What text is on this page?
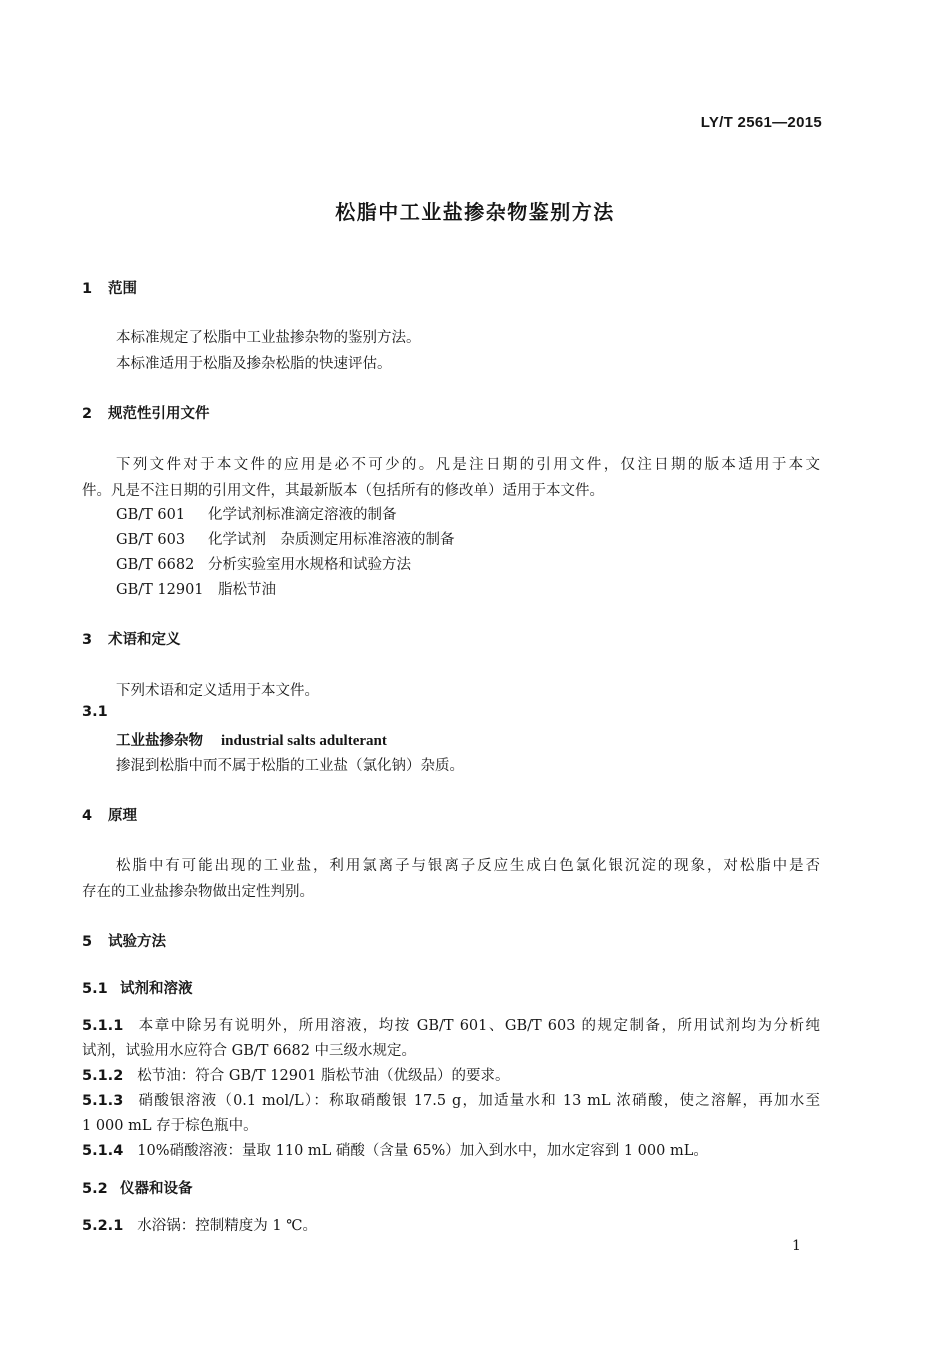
LY/T 2561—2015
松脂中工业盐掺杂物鉴别方法
1 范围
本标准规定了松脂中工业盐掺杂物的鉴别方法。
本标准适用于松脂及掺杂松脂的快速评估。
2 规范性引用文件
下列文件对于本文件的应用是必不可少的。凡是注日期的引用文件，仅注日期的版本适用于本文
件。凡是不注日期的引用文件，其最新版本（包括所有的修改单）适用于本文件。
GB/T 601 化学试剂标准滴定溶液的制备
GB/T 603 化学试剂　杂质测定用标准溶液的制备
GB/T 6682 分析实验室用水规格和试验方法
GB/T 12901 脂松节油
3 术语和定义
下列术语和定义适用于本文件。
3.1
工业盐掺杂物 industrial salts adulterant
掺混到松脂中而不属于松脂的工业盐（氯化钠）杂质。
4 原理
松脂中有可能出现的工业盐，利用氯离子与银离子反应生成白色氯化银沉淀的现象，对松脂中是否
存在的工业盐掺杂物做出定性判别。
5 试验方法
5.1 试剂和溶液
5.1.1 本章中除另有说明外，所用溶液，均按 GB/T 601、GB/T 603 的规定制备，所用试剂均为分析纯
试剂，试验用水应符合 GB/T 6682 中三级水规定。
5.1.2 松节油：符合 GB/T 12901 脂松节油（优级品）的要求。
5.1.3 硝酸银溶液（0.1 mol/L）：称取硝酸银 17.5 g，加适量水和 13 mL 浓硝酸，使之溶解，再加水至
1 000 mL 存于棕色瓶中。
5.1.4 10%硝酸溶液：量取 110 mL 硝酸（含量 65%）加入到水中，加水定容到 1 000 mL。
5.2 仪器和设备
5.2.1 水浴锅：控制精度为 1 ℃。
1
